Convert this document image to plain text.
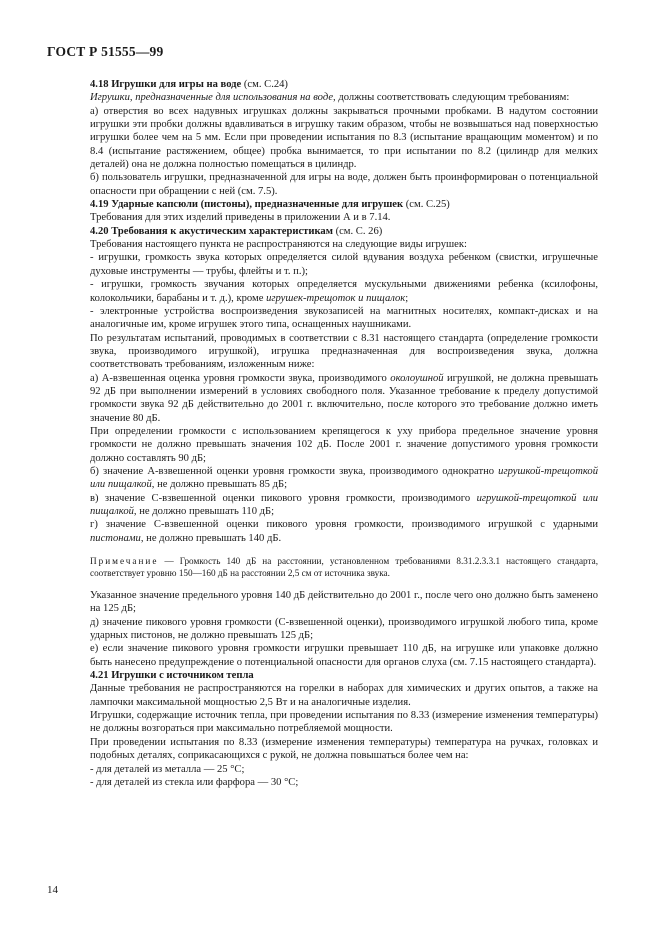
ГОСТ Р 51555—99

4.18 Игрушки для игры на воде (см. С.24)

Игрушки, предназначенные для использования на воде, должны соответствовать следующим требованиям:

а) отверстия во всех надувных игрушках должны закрываться прочными пробками. В надутом состоянии игрушки эти пробки должны вдавливаться в игрушку таким образом, чтобы не возвышаться над поверхностью игрушки более чем на 5 мм. Если при проведении испытания по 8.3 (испытание вращающим моментом) и по 8.4 (испытание растяжением, общее) пробка вынимается, то при испытании по 8.2 (цилиндр для мелких деталей) она не должна полностью помещаться в цилиндр.

б) пользователь игрушки, предназначенной для игры на воде, должен быть проинформирован о потенциальной опасности при обращении с ней (см. 7.5).

4.19 Ударные капсюли (пистоны), предназначенные для игрушек (см. С.25)

Требования для этих изделий приведены в приложении А и в 7.14.

4.20 Требования к акустическим характеристикам (см. С. 26)

Требования настоящего пункта не распространяются на следующие виды игрушек:

- игрушки, громкость звука которых определяется силой вдувания воздуха ребенком (свистки, игрушечные духовые инструменты — трубы, флейты и т. п.);

- игрушки, громкость звучания которых определяется мускульными движениями ребенка (ксилофоны, колокольчики, барабаны и т. д.), кроме игрушек-трещоток и пищалок;

- электронные устройства воспроизведения звукозаписей на магнитных носителях, компакт-дисках и на аналогичные им, кроме игрушек этого типа, оснащенных наушниками.

По результатам испытаний, проводимых в соответствии с 8.31 настоящего стандарта (определение громкости звука, производимого игрушкой), игрушка предназначенная для воспроизведения звука, должна соответствовать требованиям, изложенным ниже:

а) А-взвешенная оценка уровня громкости звука, производимого околоушной игрушкой, не должна превышать 92 дБ при выполнении измерений в условиях свободного поля. Указанное требование к пределу допустимой громкости звука 92 дБ действительно до 2001 г. включительно, после которого это требование должно иметь значение 80 дБ.

При определении громкости с использованием крепящегося к уху прибора предельное значение уровня громкости не должно превышать значения 102 дБ. После 2001 г. значение допустимого уровня громкости должно составлять 90 дБ;

б) значение А-взвешенной оценки уровня громкости звука, производимого однократно игрушкой-трещоткой или пищалкой, не должно превышать 85 дБ;

в) значение С-взвешенной оценки пикового уровня громкости, производимого игрушкой-трещоткой или пищалкой, не должно превышать 110 дБ;

г) значение С-взвешенной оценки пикового уровня громкости, производимого игрушкой с ударными пистонами, не должно превышать 140 дБ.

Примечание — Громкость 140 дБ на расстоянии, установленном требованиями 8.31.2.3.3.1 настоящего стандарта, соответствует уровню 150—160 дБ на расстоянии 2,5 см от источника звука.

Указанное значение предельного уровня 140 дБ действительно до 2001 г., после чего оно должно быть заменено на 125 дБ;

д) значение пикового уровня громкости (С-взвешенной оценки), производимого игрушкой любого типа, кроме ударных пистонов, не должно превышать 125 дБ;

е) если значение пикового уровня громкости игрушки превышает 110 дБ, на игрушке или упаковке должно быть нанесено предупреждение о потенциальной опасности для органов слуха (см. 7.15 настоящего стандарта).

4.21 Игрушки с источником тепла

Данные требования не распространяются на горелки в наборах для химических и других опытов, а также на лампочки максимальной мощностью 2,5 Вт и на аналогичные изделия.

Игрушки, содержащие источник тепла, при проведении испытания по 8.33 (измерение изменения температуры) не должны возгораться при максимально потребляемой мощности.

При проведении испытания по 8.33 (измерение изменения температуры) температура на ручках, головках и подобных деталях, соприкасающихся с рукой, не должна повышаться более чем на:

- для деталей из металла — 25 °С;

- для деталей из стекла или фарфора — 30 °С;

14
